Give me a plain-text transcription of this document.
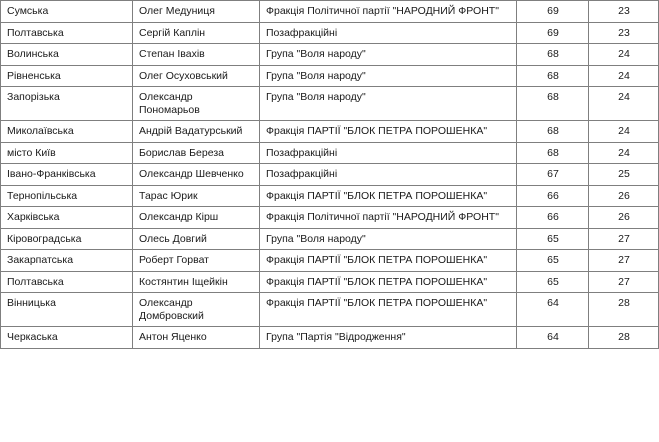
Сумська	Олег Медуниця	Фракція Політичної партії "НАРОДНИЙ ФРОНТ"	69	23
Полтавська	Сергій Каплін	Позафракційні	69	23
Волинська	Степан Івахів	Група "Воля народу"	68	24
Рівненська	Олег Осуховський	Група "Воля народу"	68	24
Запорізька	Олександр Пономарьов	Група "Воля народу"	68	24
Миколаївська	Андрій Вадатурський	Фракція ПАРТІЇ "БЛОК ПЕТРА ПОРОШЕНКА"	68	24
місто Київ	Борислав Береза	Позафракційні	68	24
Івано-Франківська	Олександр Шевченко	Позафракційні	67	25
Тернопільська	Тарас Юрик	Фракція ПАРТІЇ "БЛОК ПЕТРА ПОРОШЕНКА"	66	26
Харківська	Олександр Кірш	Фракція Політичної партії "НАРОДНИЙ ФРОНТ"	66	26
Кіровоградська	Олесь Довгий	Група "Воля народу"	65	27
Закарпатська	Роберт Горват	Фракція ПАРТІЇ "БЛОК ПЕТРА ПОРОШЕНКА"	65	27
Полтавська	Костянтин Іщейкін	Фракція ПАРТІЇ "БЛОК ПЕТРА ПОРОШЕНКА"	65	27
Вінницька	Олександр Домбровский	Фракція ПАРТІЇ "БЛОК ПЕТРА ПОРОШЕНКА"	64	28
Черкаська	Антон Яценко	Група "Партія "Відродження"	64	28
